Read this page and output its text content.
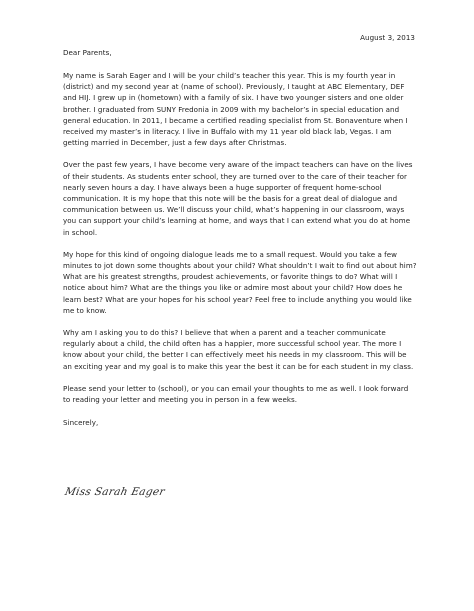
August 3, 2013

Dear Parents,

My name is Sarah Eager and I will be your child’s teacher this year. This is my fourth year in (district) and my second year at (name of school). Previously, I taught at ABC Elementary, DEF and HIJ. I grew up in (hometown) with a family of six. I have two younger sisters and one older brother. I graduated from SUNY Fredonia in 2009 with my bachelor’s in special education and general education. In 2011, I became a certified reading specialist from St. Bonaventure when I received my master’s in literacy. I live in Buffalo with my 11 year old black lab, Vegas. I am getting married in December, just a few days after Christmas.

Over the past few years, I have become very aware of the impact teachers can have on the lives of their students. As students enter school, they are turned over to the care of their teacher for nearly seven hours a day. I have always been a huge supporter of frequent home-school communication. It is my hope that this note will be the basis for a great deal of dialogue and communication between us. We’ll discuss your child, what’s happening in our classroom, ways you can support your child’s learning at home, and ways that I can extend what you do at home in school.

My hope for this kind of ongoing dialogue leads me to a small request. Would you take a few minutes to jot down some thoughts about your child? What shouldn’t I wait to find out about him? What are his greatest strengths, proudest achievements, or favorite things to do? What will I notice about him? What are the things you like or admire most about your child? How does he learn best? What are your hopes for his school year? Feel free to include anything you would like me to know.

Why am I asking you to do this? I believe that when a parent and a teacher communicate regularly about a child, the child often has a happier, more successful school year. The more I know about your child, the better I can effectively meet his needs in my classroom. This will be an exciting year and my goal is to make this year the best it can be for each student in my class.

Please send your letter to (school), or you can email your thoughts to me as well. I look forward to reading your letter and meeting you in person in a few weeks.

Sincerely,

Miss Sarah Eager
